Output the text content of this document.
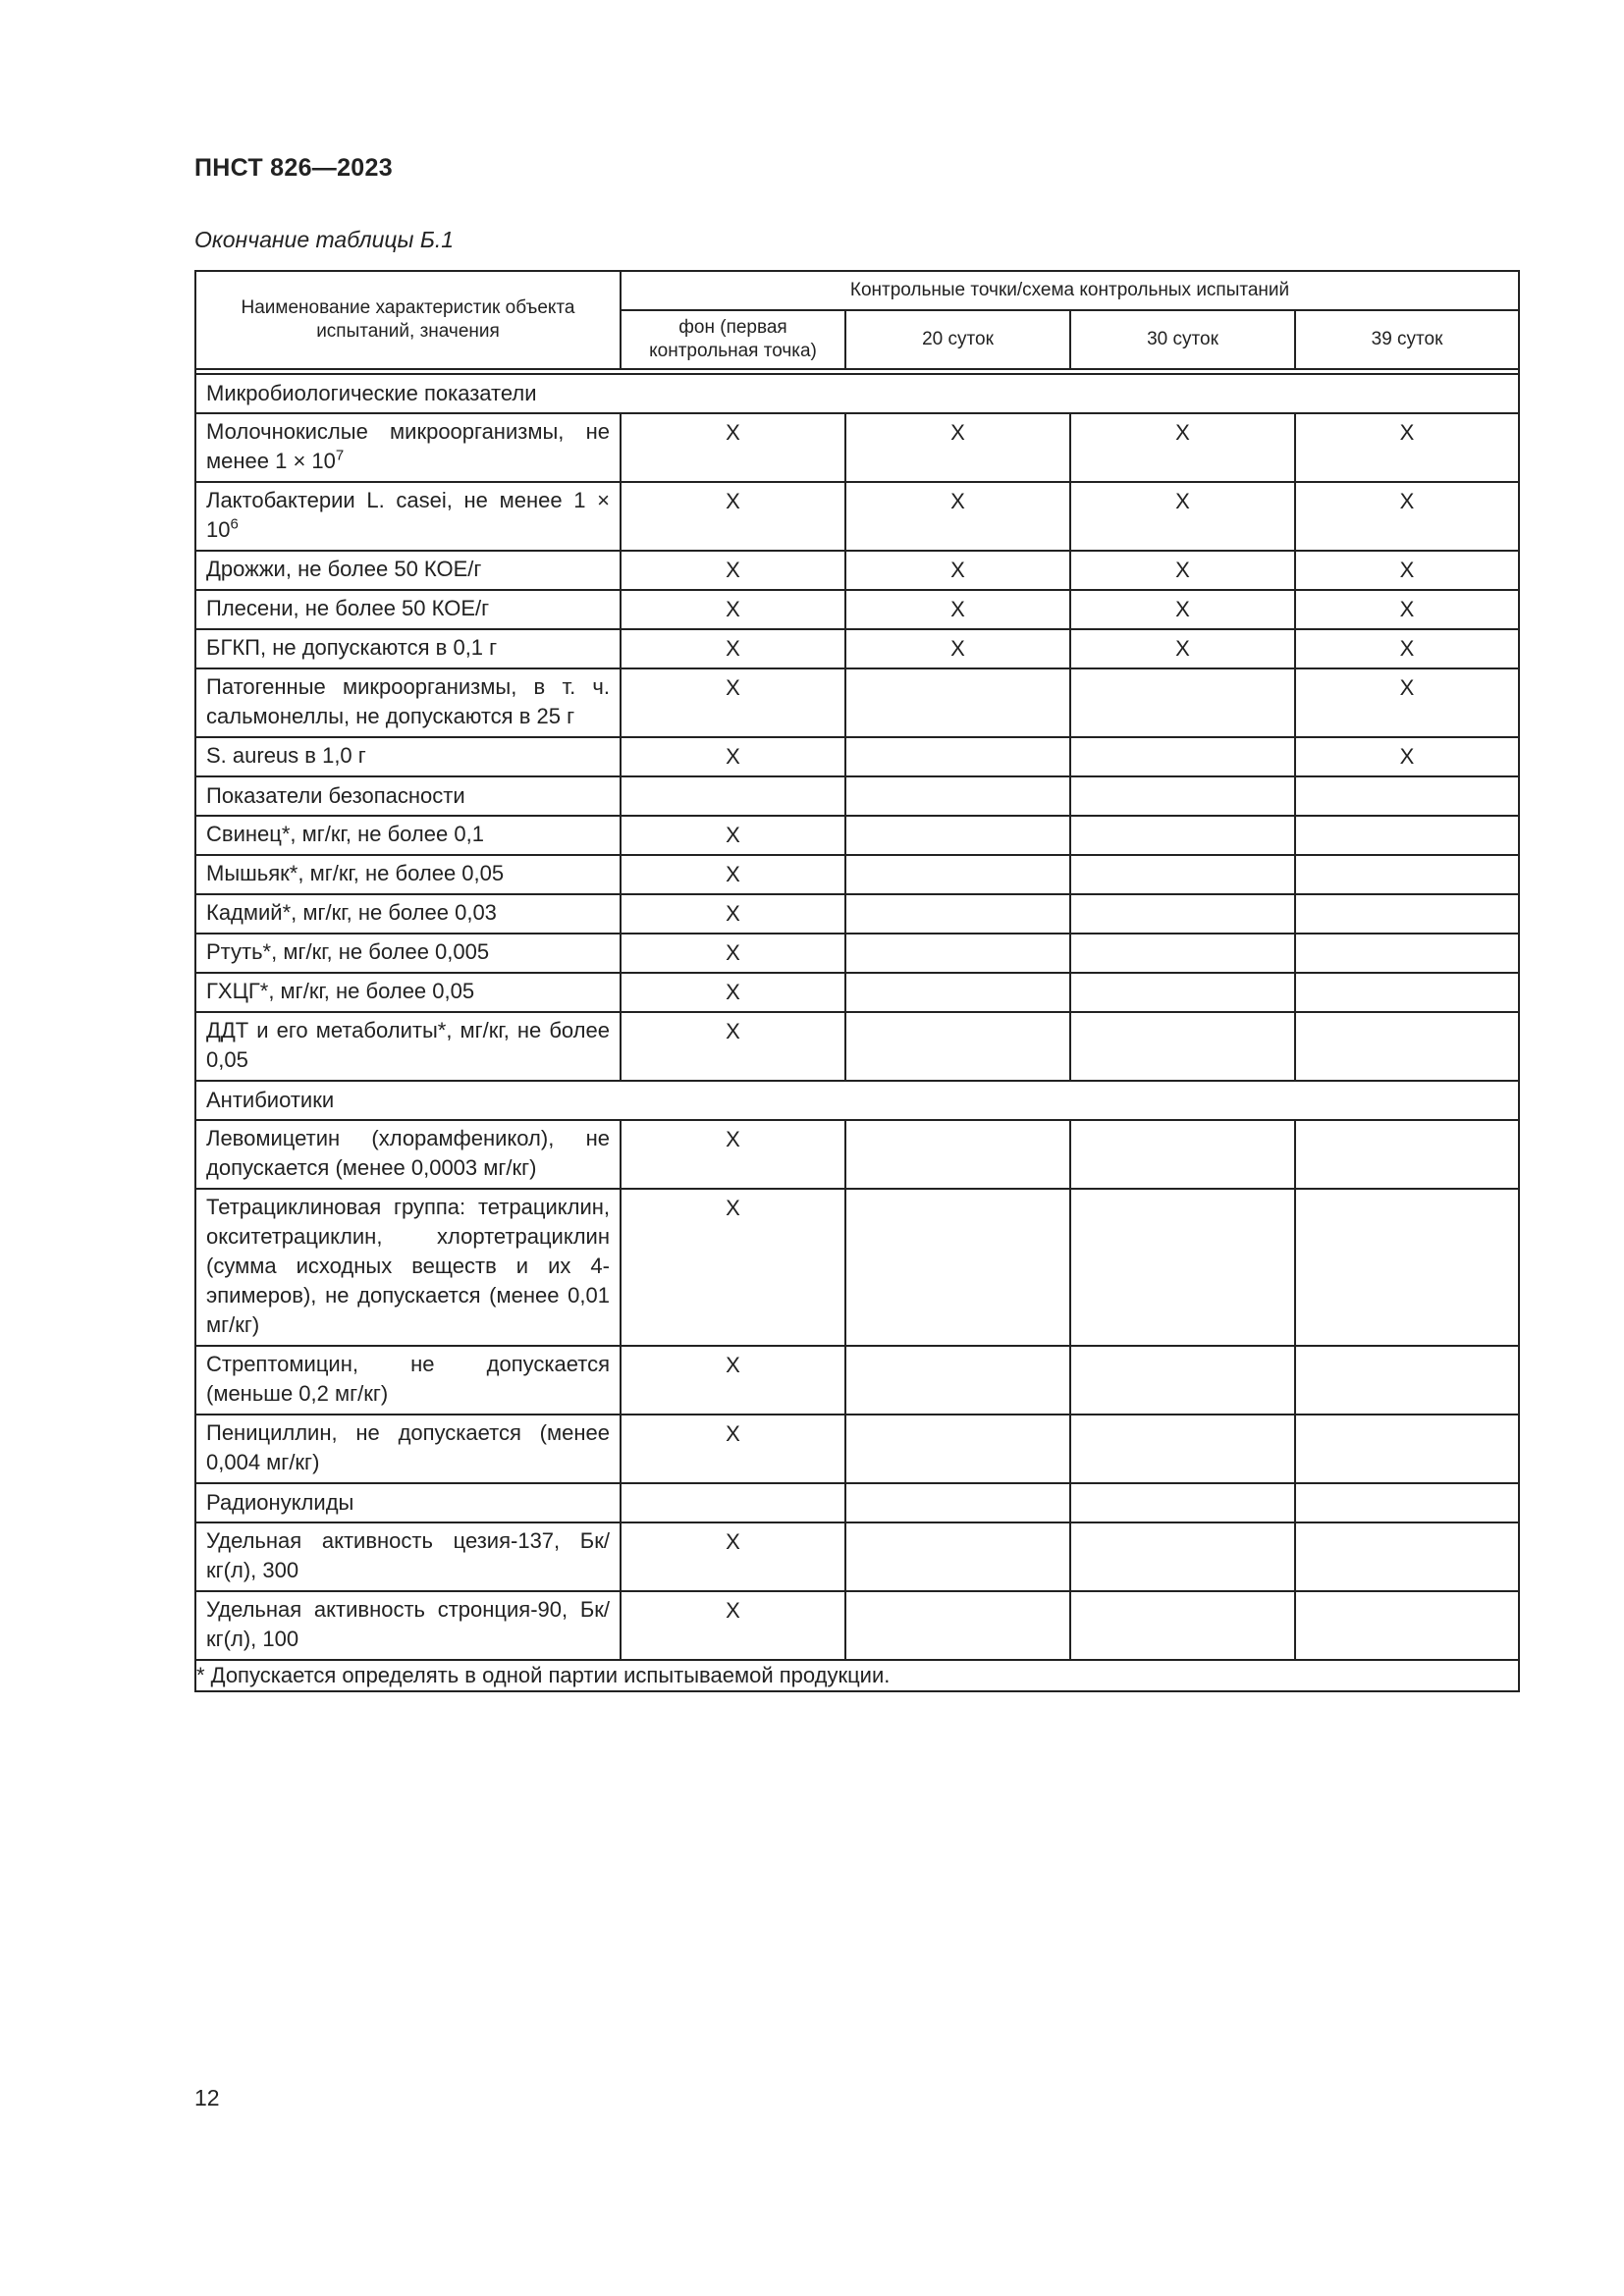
ПНСТ 826—2023
Окончание таблицы Б.1
Наименование характеристик объекта испытаний, значения	Контрольные точки/схема контрольных испытаний			
	фон (первая контрольная точка)	20 суток	30 суток	39 суток

Микробиологические показатели				
Молочнокислые микроорганизмы, не менее $1 \times 10^7$	X	X	X	X
Лактобактерии L. casei, не менее $1 \times 10^6$	X	X	X	X
Дрожжи, не более 50 КОЕ/г	X	X	X	X
Плесени, не более 50 КОЕ/г	X	X	X	X
БГКП, не допускаются в 0,1 г	X	X	X	X
Патогенные микроорганизмы, в т. ч. сальмонеллы, не допускаются в 25 г	X			X
S. aureus в 1,0 г	X			X
Показатели безопасности				
Свинец*, мг/кг, не более 0,1	X			
Мышьяк*, мг/кг, не более 0,05	X			
Кадмий*, мг/кг, не более 0,03	X			
Ртуть*, мг/кг, не более 0,005	X			
ГХЦГ*, мг/кг, не более 0,05	X			
ДДТ и его метаболиты*, мг/кг, не более 0,05	X			
Антибиотики				
Левомицетин (хлорамфеникол), не допускается (менее 0,0003 мг/кг)	X			
Тетрациклиновая группа: тетрациклин, окситетрациклин, хлортетрациклин (сумма исходных веществ и их 4-эпимеров), не допускается (менее 0,01 мг/кг)	X			
Стрептомицин, не допускается (меньше 0,2 мг/кг)	X			
Пенициллин, не допускается (менее 0,004 мг/кг)	X			
Радионуклиды				
Удельная активность цезия-137, Бк/кг(л), 300	X			
Удельная активность стронция-90, Бк/кг(л), 100	X			
* Допускается определять в одной партии испытываемой продукции.				
12
